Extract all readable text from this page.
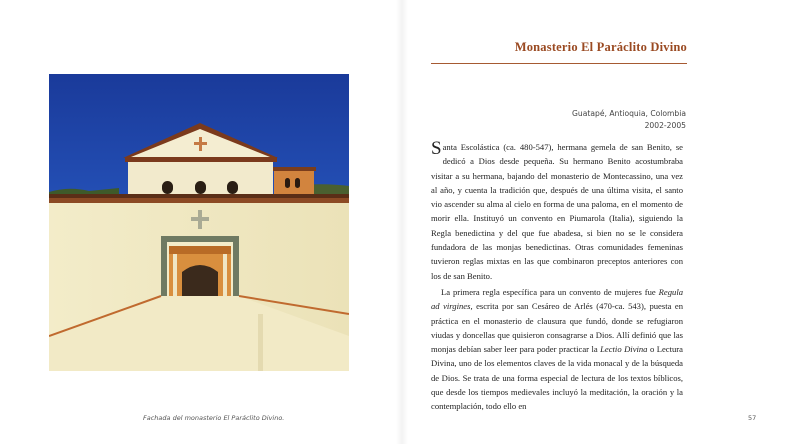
Fachada del monasterio El Paráclito Divino.
Monasterio El Paráclito Divino
Guatapé, Antioquia, Colombia
2002-2005

Santa Escolástica (ca. 480-547), hermana gemela de san Benito, se dedicó a Dios desde pequeña. Su hermano Benito acostumbraba visitar a su hermana, bajando del monasterio de Montecassino, una vez al año, y cuenta la tradición que, después de una última visita, el santo vio ascender su alma al cielo en forma de una paloma, en el momento de morir ella. Instituyó un convento en Piumarola (Italia), siguiendo la Regla benedictina y del que fue abadesa, si bien no se le considera fundadora de las monjas benedictinas. Otras comunidades femeninas tuvieron reglas mixtas en las que combinaron preceptos anteriores con los de san Benito.

La primera regla específica para un convento de mujeres fue Regula ad virgines, escrita por san Cesáreo de Arlés (470-ca. 543), puesta en práctica en el monasterio de clausura que fundó, donde se refugiaron viudas y doncellas que quisieron consagrarse a Dios. Allí definió que las monjas debían saber leer para poder practicar la Lectio Divina o Lectura Divina, uno de los elementos claves de la vida monacal y de la búsqueda de Dios. Se trata de una forma especial de lectura de los textos bíblicos, que desde los tiempos medievales incluyó la meditación, la oración y la contemplación, todo ello en

57
